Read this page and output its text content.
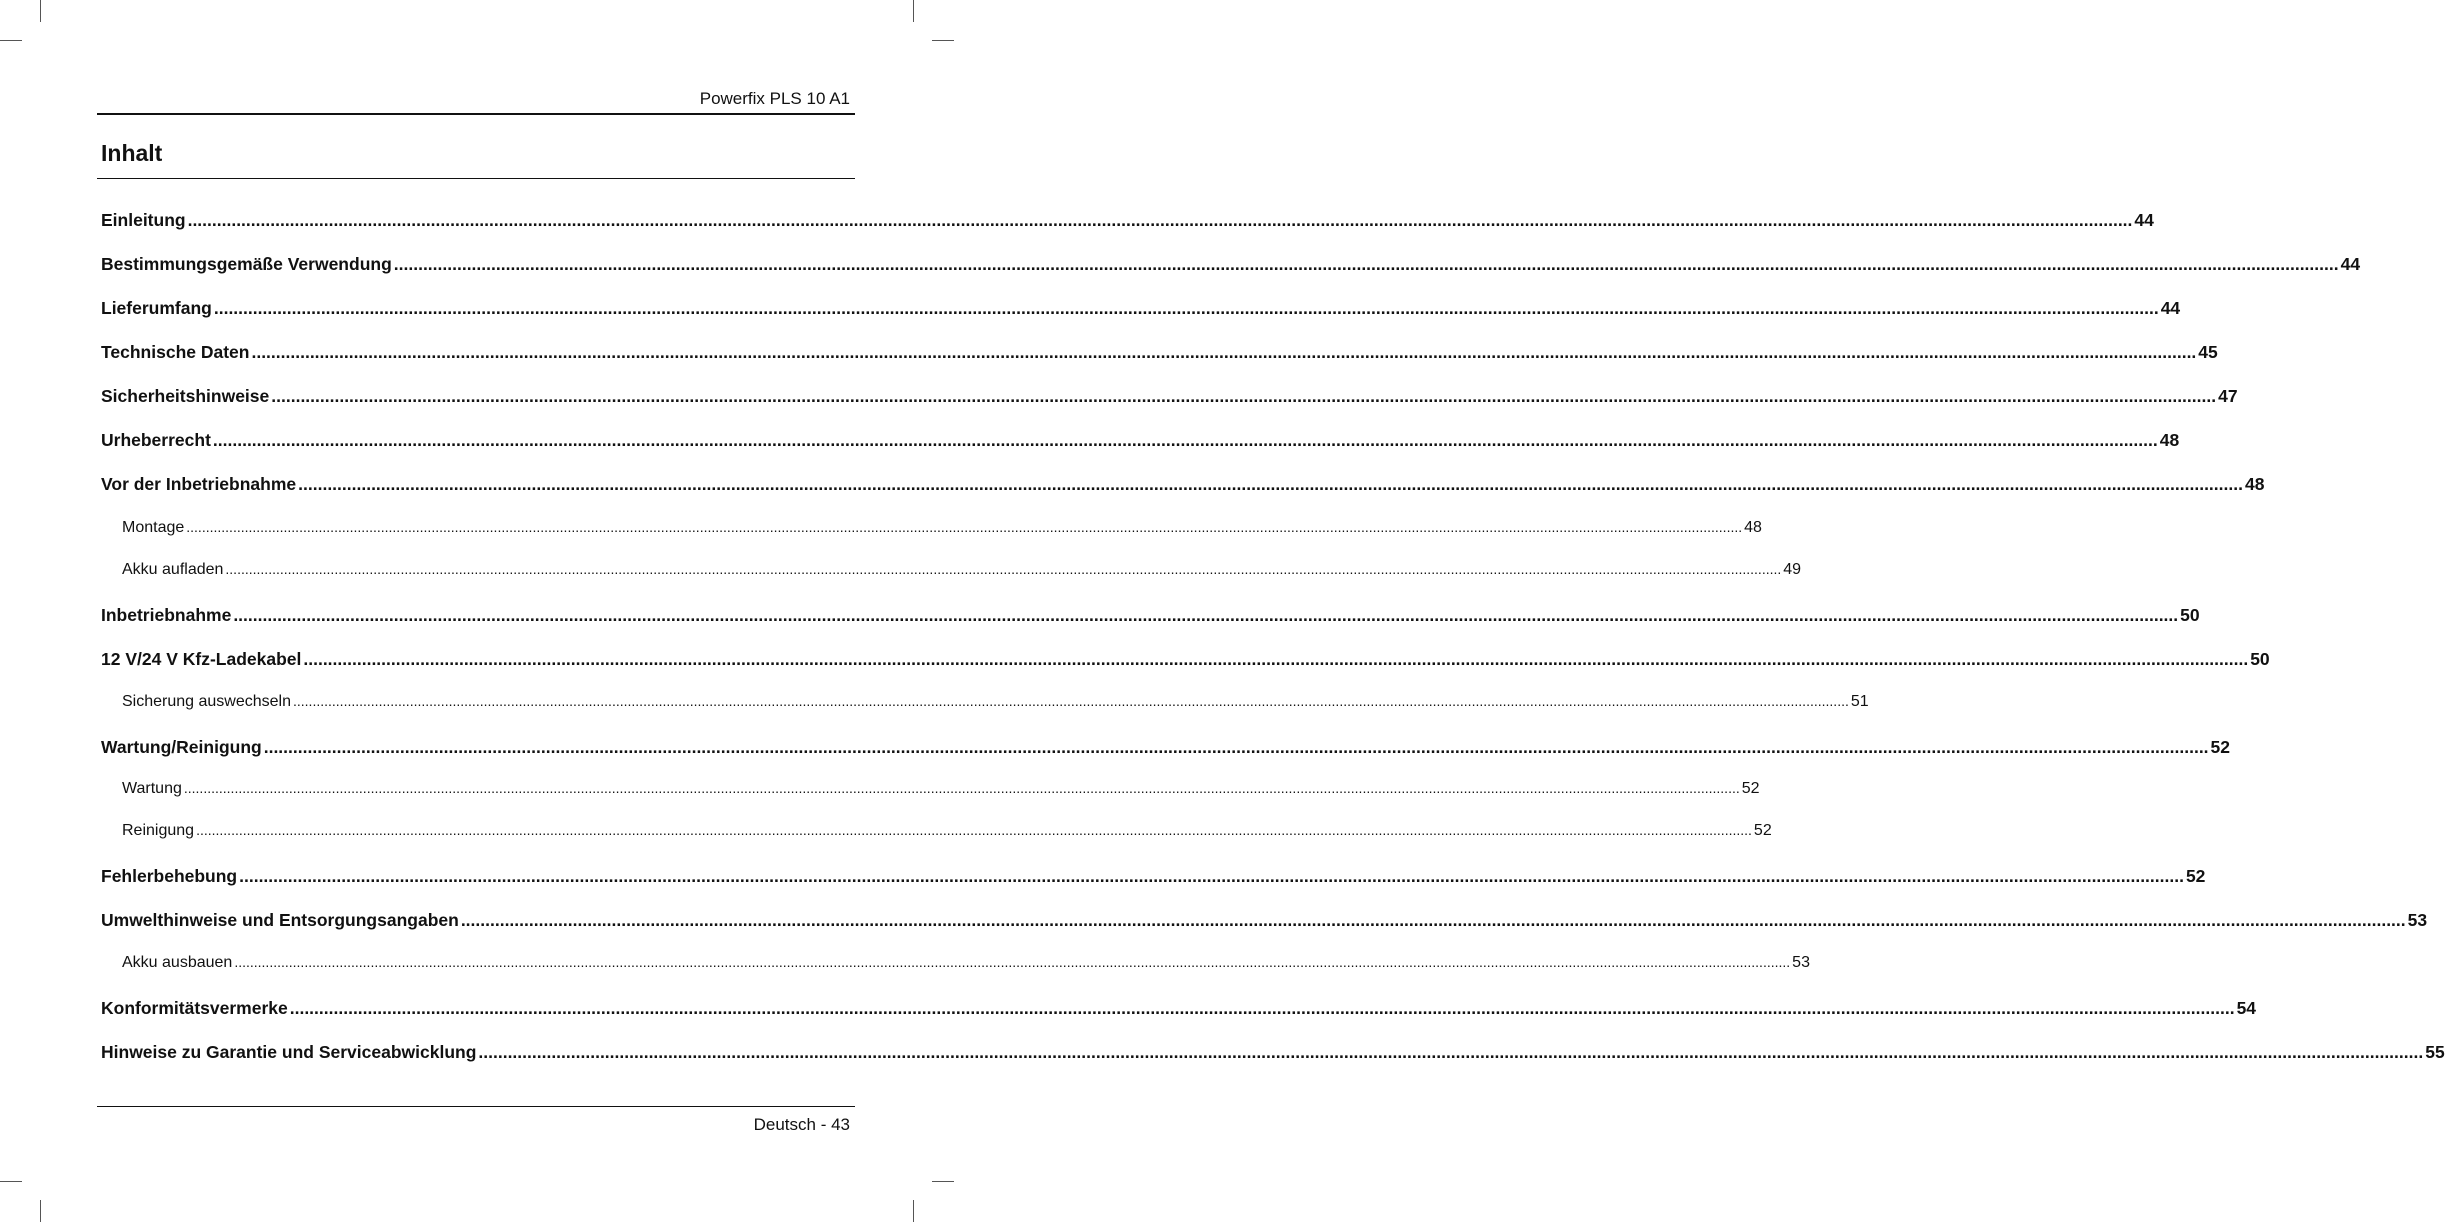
Powerfix PLS 10 A1
Inhalt
Einleitung ................................................................................................................................................................................................................................................................................................................................................................................................................ 44
Bestimmungsgemäße Verwendung ................................................................................................................................................................................................................................................................................................................................................................................................................ 44
Lieferumfang ................................................................................................................................................................................................................................................................................................................................................................................................................ 44
Technische Daten ................................................................................................................................................................................................................................................................................................................................................................................................................ 45
Sicherheitshinweise ................................................................................................................................................................................................................................................................................................................................................................................................................ 47
Urheberrecht ................................................................................................................................................................................................................................................................................................................................................................................................................ 48
Vor der Inbetriebnahme ................................................................................................................................................................................................................................................................................................................................................................................................................ 48
Montage ................................................................................................................................................................................................................................................................................................................................................................................................................ 48
Akku aufladen ................................................................................................................................................................................................................................................................................................................................................................................................................ 49
Inbetriebnahme ................................................................................................................................................................................................................................................................................................................................................................................................................ 50
12 V/24 V Kfz-Ladekabel ................................................................................................................................................................................................................................................................................................................................................................................................................ 50
Sicherung auswechseln ................................................................................................................................................................................................................................................................................................................................................................................................................ 51
Wartung/Reinigung ................................................................................................................................................................................................................................................................................................................................................................................................................ 52
Wartung ................................................................................................................................................................................................................................................................................................................................................................................................................ 52
Reinigung ................................................................................................................................................................................................................................................................................................................................................................................................................ 52
Fehlerbehebung ................................................................................................................................................................................................................................................................................................................................................................................................................ 52
Umwelthinweise und Entsorgungsangaben ................................................................................................................................................................................................................................................................................................................................................................................................................ 53
Akku ausbauen ................................................................................................................................................................................................................................................................................................................................................................................................................ 53
Konformitätsvermerke ................................................................................................................................................................................................................................................................................................................................................................................................................ 54
Hinweise zu Garantie und Serviceabwicklung ................................................................................................................................................................................................................................................................................................................................................................................................................ 55
Deutsch - 43
